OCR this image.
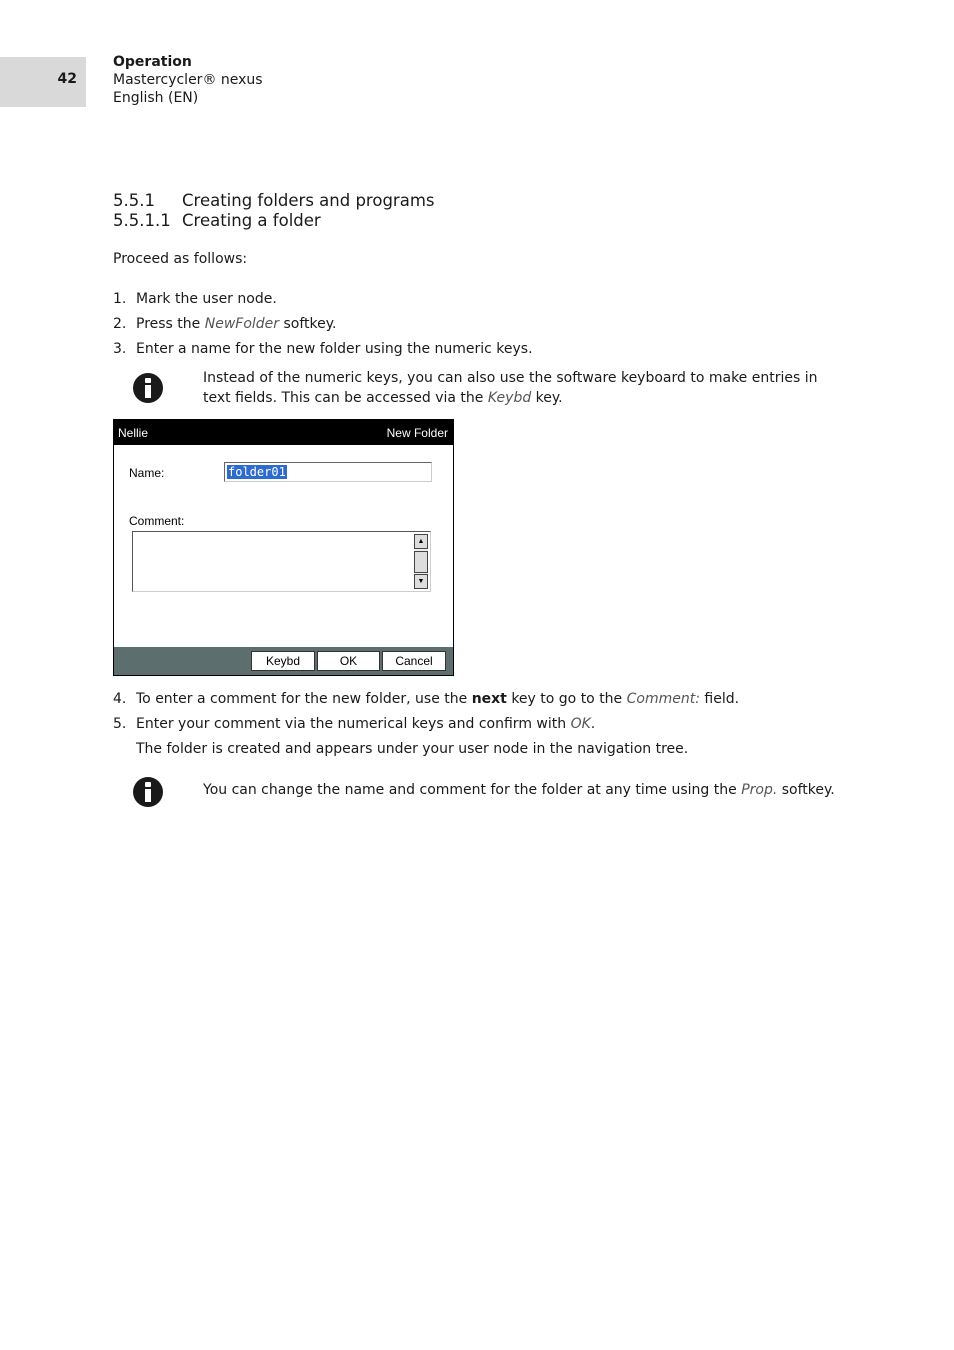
42
Operation
Mastercycler® nexus
English (EN)
5.5.1 Creating folders and programs
5.5.1.1 Creating a folder
Proceed as follows:
1. Mark the user node.
2. Press the NewFolder softkey.
3. Enter a name for the new folder using the numeric keys.
Instead of the numeric keys, you can also use the software keyboard to make entries in text fields. This can be accessed via the Keybd key.
Nellie	New Folder
Name:	folder01
Comment:
▲
▼
Keybd	OK	Cancel
4. To enter a comment for the new folder, use the next key to go to the Comment: field.
5. Enter your comment via the numerical keys and confirm with OK.
The folder is created and appears under your user node in the navigation tree.
You can change the name and comment for the folder at any time using the Prop. softkey.
